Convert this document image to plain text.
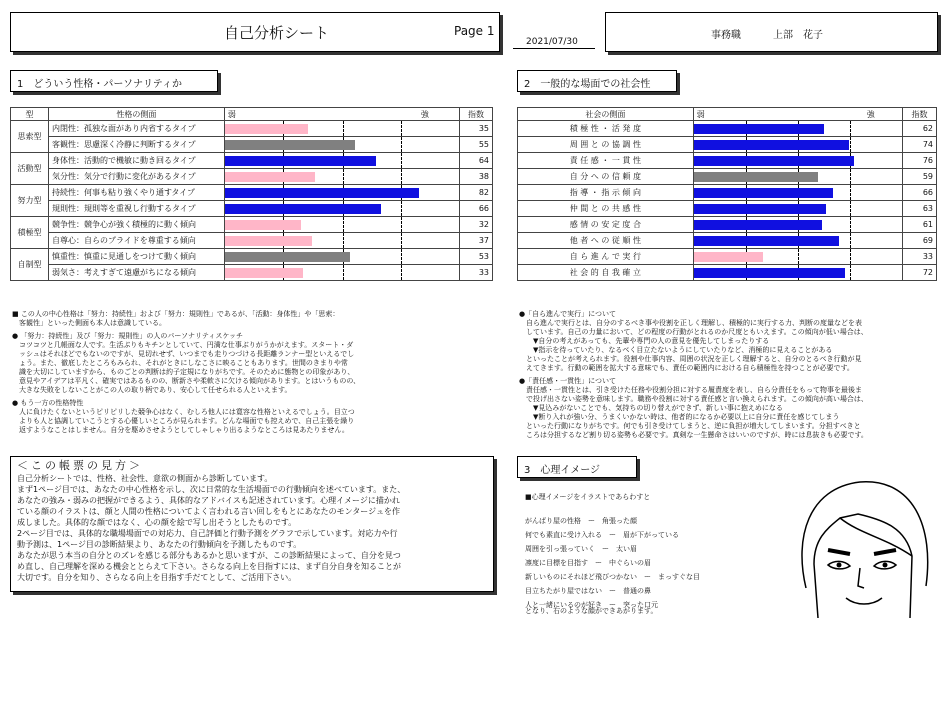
自己分析シート	Page 1
2021/07/30
事務職	上部　花子
1　どういう性格・パーソナリティか
型	性格の側面	弱 強	指数
思索型	内閉性：孤独な面があり内省するタイプ		35
	客観性：思慮深く冷静に判断するタイプ		55
活動型	身体性：活動的で機敏に動き回るタイプ		64
	気分性：気分で行動に変化があるタイプ		38
努力型	持続性：何事も粘り強くやり通すタイプ		82
	規則性：規則等を重視し行動するタイプ		66
積極型	競争性：競争心が強く積極的に動く傾向		32
	自尊心：自らのプライドを尊重する傾向		37
自制型	慎重性：慎重に見通しをつけて動く傾向		53
	弱気さ：考えすぎて遠慮がちになる傾向		33
2　一般的な場面での社会性
社会の側面	弱 強	指数
積 極 性 ・ 活 発 度		62
周 囲 と の 協 調 性		74
責 任 感 ・ 一 貫 性		76
自 分 へ の 信 頼 度		59
指 導 ・ 指 示 傾 向		66
仲 間 と の 共 感 性		63
感 情 の 安 定 度 合		61
他 者 へ の 従 順 性		69
自 ら 進 ん で 実 行		33
社 会 的 自 我 確 立		72
■ この人の中心性格は「努力：持続性」および「努力：規則性」であるが、「活動：身体性」や「思索：
　客観性」といった側面も本人は意識している。
● 「努力：持続性」及び「努力：規則性」の人のパーソナリティスケッチ
　コツコツと几帳面な人です。生活ぶりもキチンとしていて、円満な仕事ぶりがうかがえます。スタート・ダ
　ッシュはそれほどでもないのですが、見切れせず、いつまでも走りつづける長距離ランナー型といえるでし
　ょう。また、徹底したところもみられ、それがときにしなこさに映ることもあります。世間のきまりや常
　識を大切にしていますから、ものごとの判断は約子定規になりがちです。そのために態物との印象があり、
　意見やアイデアは平凡く、確実ではあるものの、断新さや柔軟さに欠ける傾向があります。とはいうものの、
　大きな失敗をしないことがこの人の取り柄であり、安心して任せられる人といえます。
● もう一方の性格特性
　人に負けたくないというピリピリした競争心はなく、むしろ他人には寛容な性格といえるでしょう。目立つ
　よりも人と協調していこうとする心優しいところが見られます。どんな場面でも控えめで、自己主張を繰り
　返すようなことはしません。自分を駆めさせようとしてしゃしゃり出るようなところは見あたりません。
●「自ら進んで実行」について
　自ら進んで実行とは、自分のするべき事や役割を正しく理解し、積極的に実行する力、判断の度量などを表
　しています。自己の力量において、どの程度の行動がとれるのか尺度ともいえます。この傾向が低い場合は、
　　▼自分の考えがあっても、先輩や専門の人の意見を優先してしまったりする
　　▼指示を待っていたり、なるべく目立たないようにしていたりなど、消極的に見えることがある
　といったことが考えられます。役割や仕事内容、周囲の状況を正しく理解すると、自分のとるべき行動が見
　えてきます。行動の範囲を拡大する意味でも、責任の範囲内における自ら積極性を持つことが必要です。
●「責任感・一貫性」について
　責任感・一貫性とは、引き受けた任務や役割分担に対する履責度を表し、自ら分責任をもって物事を最後ま
　で投げ出さない姿勢を意味します。職務や役割に対する責任感と言い換えられます。この傾向が高い場合は、
　　▼見込みがないことでも、気持ちの切り替えができず、新しい事に抱えめになる
　　▼断り入れが強い分、うまくいかない時は、他者的になるか必要以上に自分に責任を感じてしまう
　といった行動になりがちです。何でも引き受けてしまうと、逆に負担が増大してしまいます。分担すべきと
　ころは分担するなど割り切る姿勢も必要です。真剣な一生懸命さはいいのですが、時には息抜きも必要です。
＜この帳票の見方＞
自己分析シートでは、性格、社会性、意欲の側面から診断しています。
まず1ページ目では、あなたの中心性格を示し、次に日常的な生活場面での行動傾向を述べています。また、
あなたの強み・弱みの把握ができるよう、具体的なアドバイスも記述されています。心理イメージに描かれ
ている顔のイラストは、顔と人間の性格についてよく言われる言い回しをもとにあなたのモンタージュを作
成しました。具体的な顔ではなく、心の顔を絵で写し出そうとしたものです。
2ページ目では、具体的な職場場面での対応力、自己評価と行動予測をグラフで示しています。対応力や行
動予測は、1ページ目の診断結果より、あなたの行動傾向を予測したものです。
あなたが思う本当の自分とのズレを感じる部分もあるかと思いますが、この診断結果によって、自分を見つ
め直し、自己理解を深める機会ととらえて下さい。さらなる向上を目指すには、まず自分自身を知ることが
大切です。自分を知り、さらなる向上を目指す手だてとして、ご活用下さい。
3　心理イメージ
■心理イメージをイラストであらわすと
がんばり屋の性格　ー　角張った顔
何でも素直に受け入れる　ー　眉が下がっている
周囲を引っ張っていく　ー　太い眉
凛度に目標を目指す　ー　中ぐらいの眉
新しいものにそれほど飛びつかない　ー　まっすぐな目
目立ちたがり屋ではない　ー　普通の鼻
人と一緒にいるのが好き　ー　突った口元
となり、右のような顔ができあがります。
